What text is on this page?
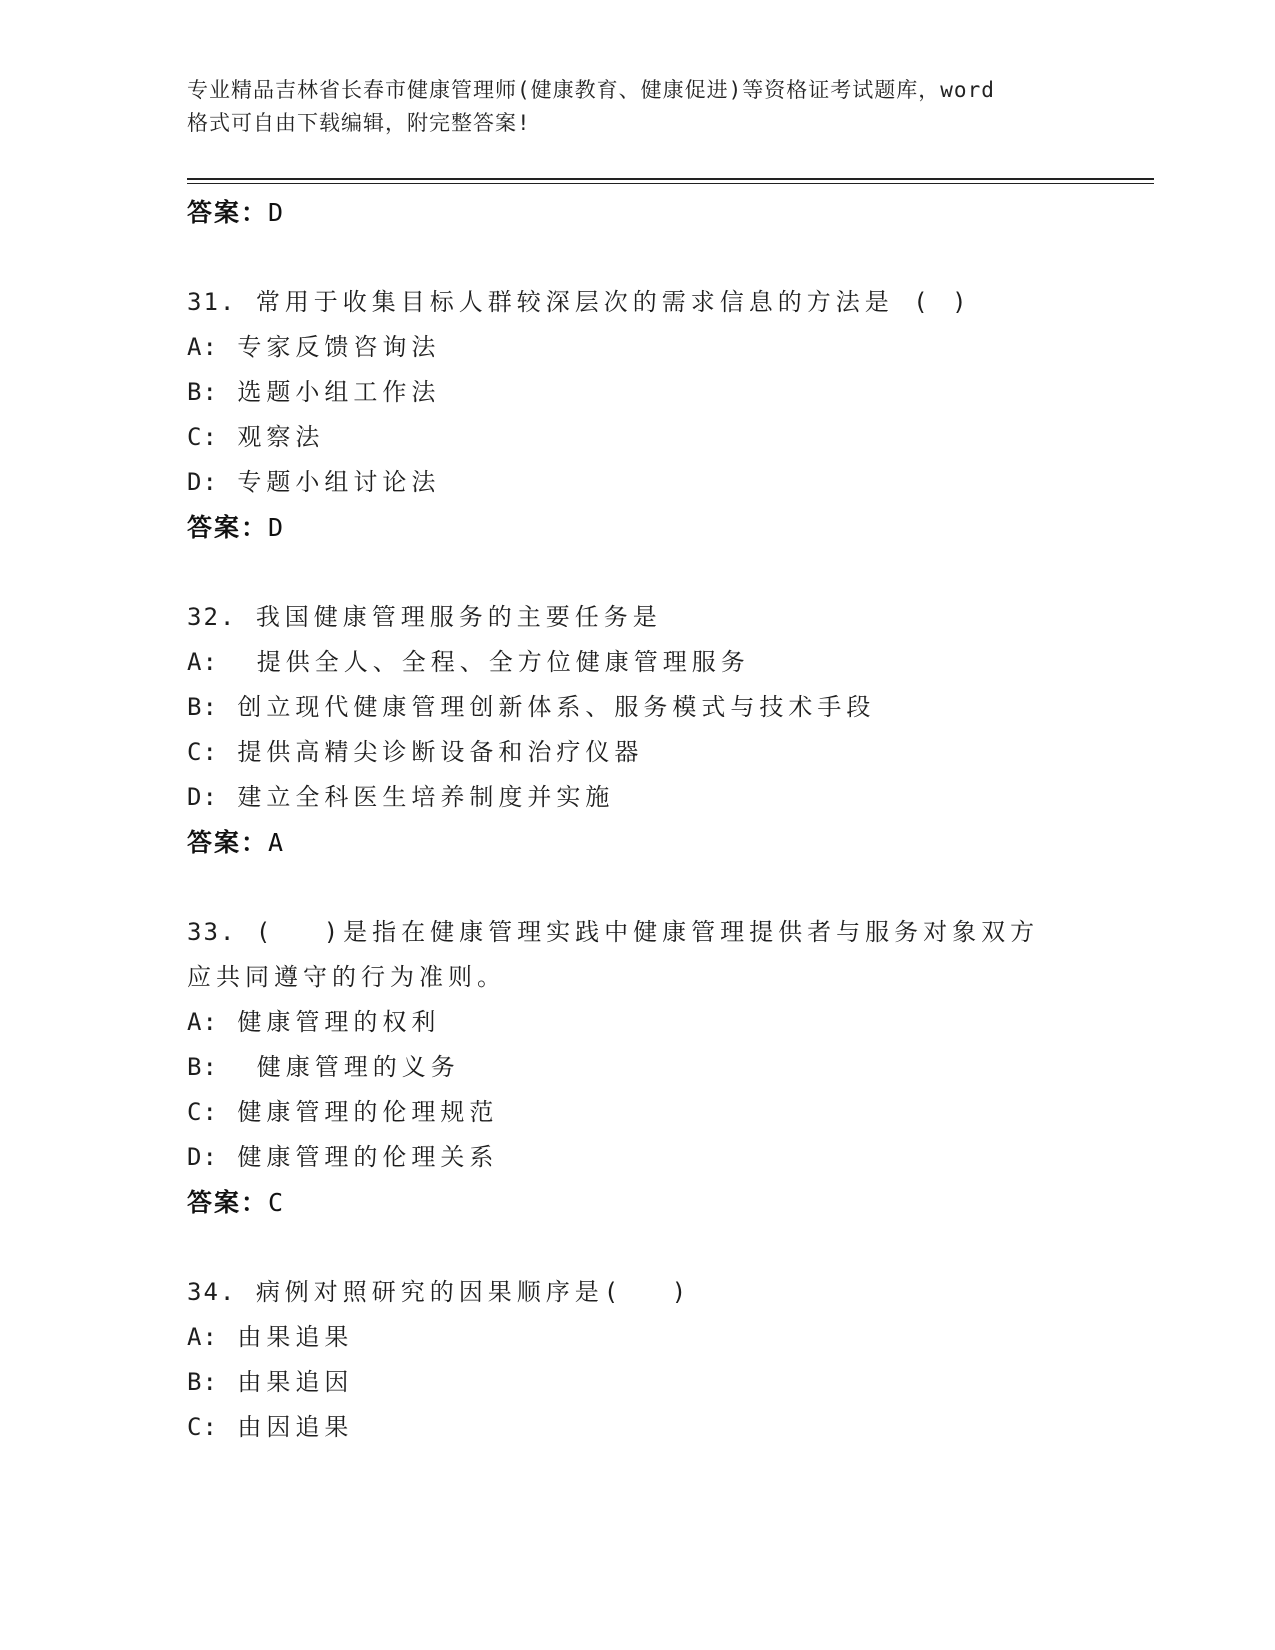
专业精品吉林省长春市健康管理师(健康教育、健康促进)等资格证考试题库，word
格式可自由下载编辑，附完整答案!
答案：D
31. 常用于收集目标人群较深层次的需求信息的方法是 ( )
A: 专家反馈咨询法
B: 选题小组工作法
C: 观察法
D: 专题小组讨论法
答案：D
32. 我国健康管理服务的主要任务是
A:  提供全人、全程、全方位健康管理服务
B: 创立现代健康管理创新体系、服务模式与技术手段
C: 提供高精尖诊断设备和治疗仪器
D: 建立全科医生培养制度并实施
答案：A
33. (　 )是指在健康管理实践中健康管理提供者与服务对象双方应共同遵守的行为准则。
A: 健康管理的权利
B:  健康管理的义务
C: 健康管理的伦理规范
D: 健康管理的伦理关系
答案：C
34. 病例对照研究的因果顺序是(　 )
A: 由果追果
B: 由果追因
C: 由因追果
